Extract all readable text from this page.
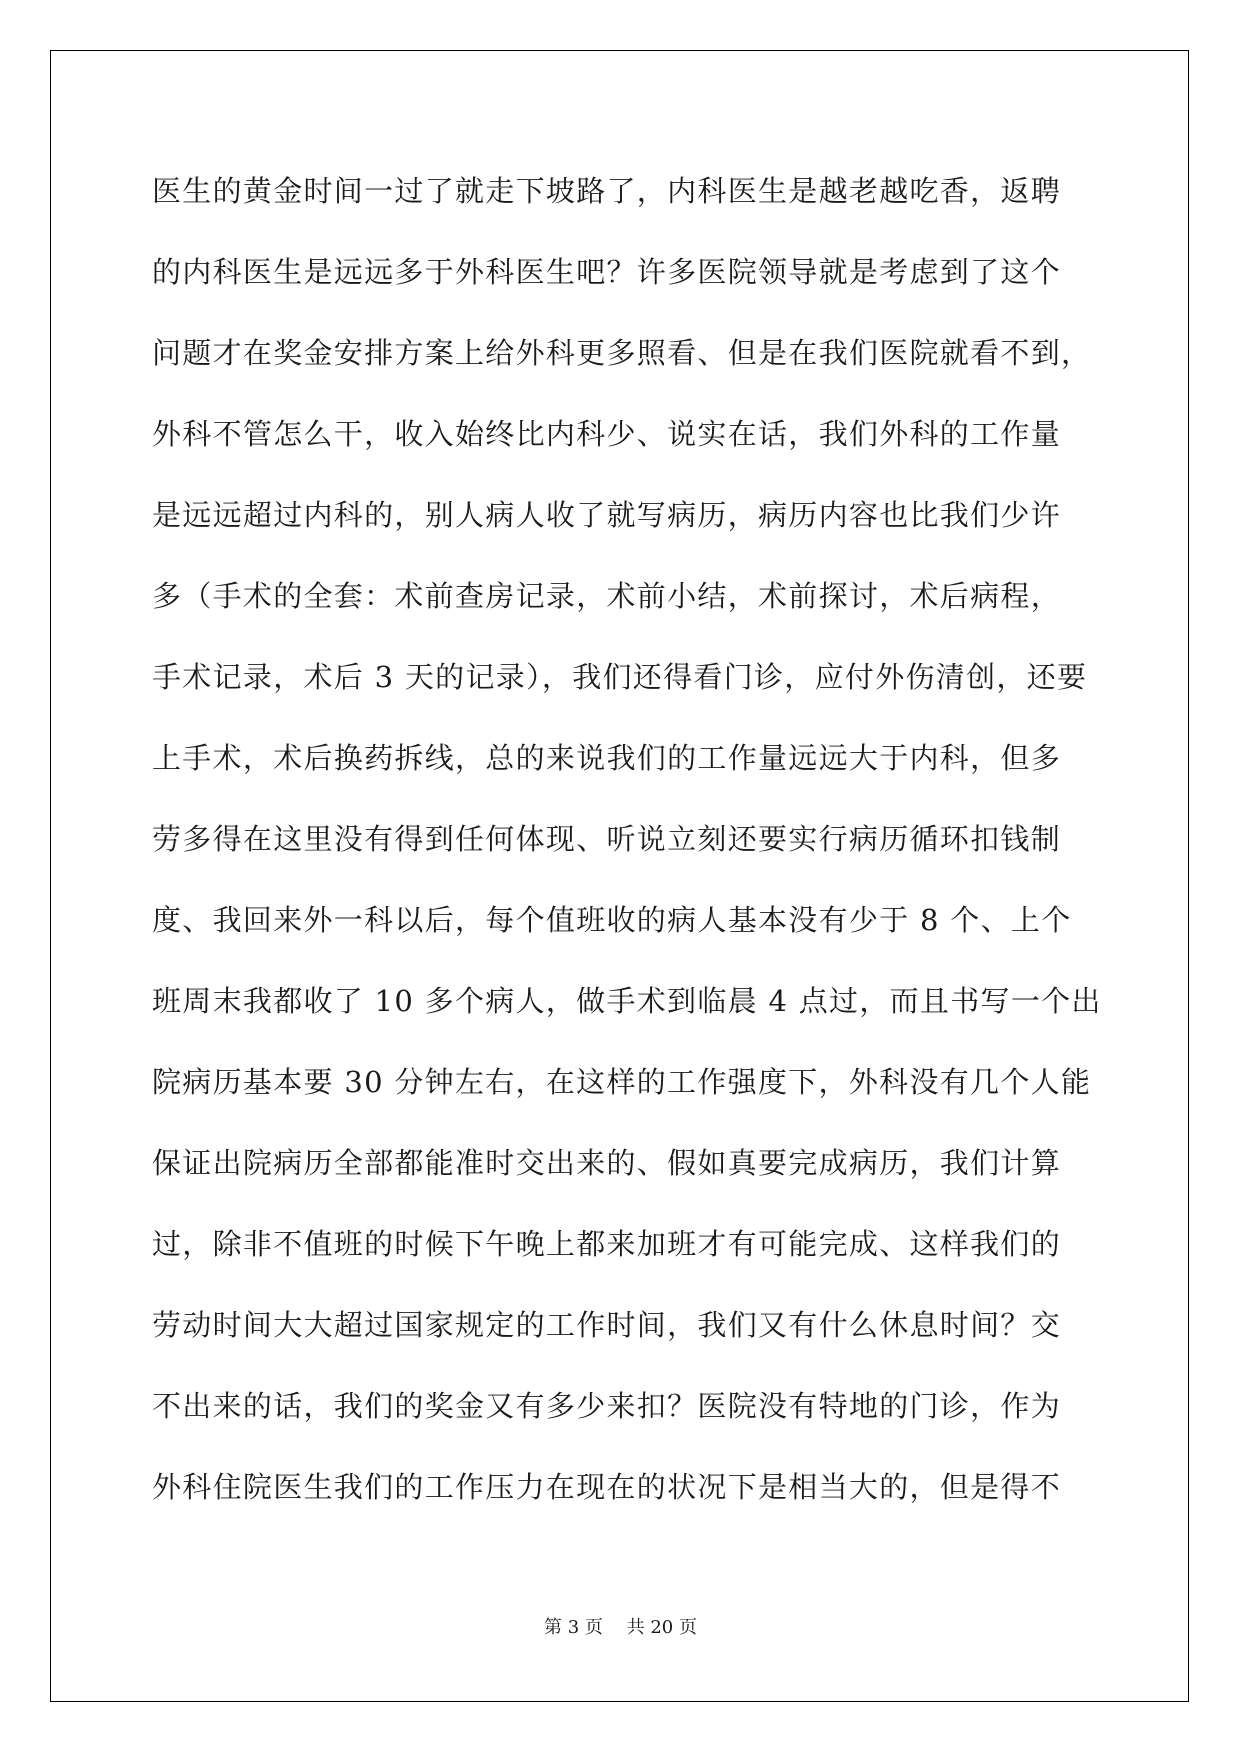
医生的黄金时间一过了就走下坡路了，内科医生是越老越吃香，返聘
的内科医生是远远多于外科医生吧？许多医院领导就是考虑到了这个
问题才在奖金安排方案上给外科更多照看、但是在我们医院就看不到，
外科不管怎么干，收入始终比内科少、说实在话，我们外科的工作量
是远远超过内科的，别人病人收了就写病历，病历内容也比我们少许
多（手术的全套：术前查房记录，术前小结，术前探讨，术后病程，
手术记录，术后 3 天的记录），我们还得看门诊，应付外伤清创，还要
上手术，术后换药拆线，总的来说我们的工作量远远大于内科，但多
劳多得在这里没有得到任何体现、听说立刻还要实行病历循环扣钱制
度、我回来外一科以后，每个值班收的病人基本没有少于 8 个、上个
班周末我都收了 10 多个病人，做手术到临晨 4 点过，而且书写一个出
院病历基本要 30 分钟左右，在这样的工作强度下，外科没有几个人能
保证出院病历全部都能准时交出来的、假如真要完成病历，我们计算
过，除非不值班的时候下午晚上都来加班才有可能完成、这样我们的
劳动时间大大超过国家规定的工作时间，我们又有什么休息时间？交
不出来的话，我们的奖金又有多少来扣？医院没有特地的门诊，作为
外科住院医生我们的工作压力在现在的状况下是相当大的，但是得不
第 3 页　 共 20 页
